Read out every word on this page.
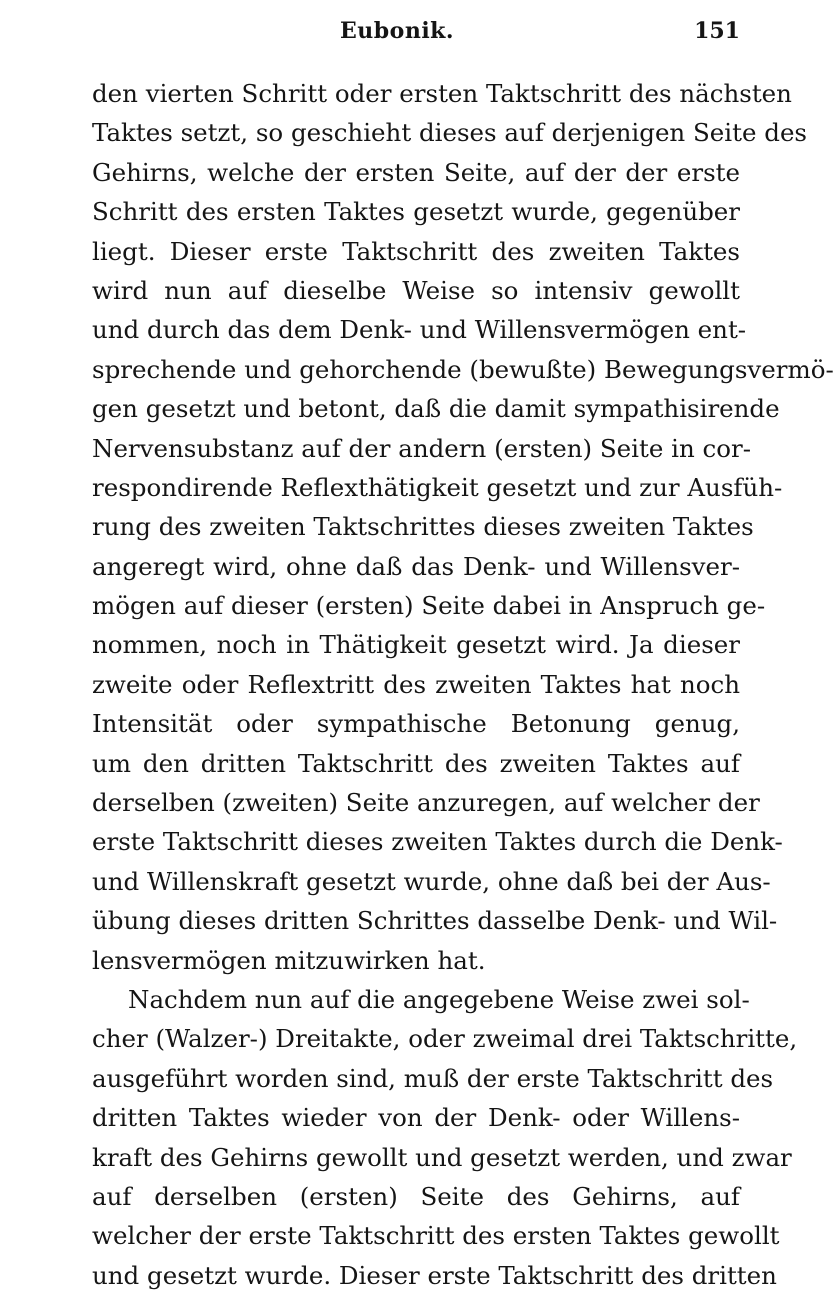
Eubonik.	151
den vierten Schritt oder ersten Taktschritt des nächsten
Taktes setzt, so geschieht dieses auf derjenigen Seite des
Gehirns, welche der ersten Seite, auf der der erste
Schritt des ersten Taktes gesetzt wurde, gegenüber
liegt. Dieser erste Taktschritt des zweiten Taktes
wird nun auf dieselbe Weise so intensiv gewollt
und durch das dem Denk- und Willensvermögen ent-
sprechende und gehorchende (bewußte) Bewegungsvermö-
gen gesetzt und betont, daß die damit sympathisirende
Nervensubstanz auf der andern (ersten) Seite in cor-
respondirende Reflexthätigkeit gesetzt und zur Ausfüh-
rung des zweiten Taktschrittes dieses zweiten Taktes
angeregt wird, ohne daß das Denk- und Willensver-
mögen auf dieser (ersten) Seite dabei in Anspruch ge-
nommen, noch in Thätigkeit gesetzt wird. Ja dieser
zweite oder Reflextritt des zweiten Taktes hat noch
Intensität oder sympathische Betonung genug,
um den dritten Taktschritt des zweiten Taktes auf
derselben (zweiten) Seite anzuregen, auf welcher der
erste Taktschritt dieses zweiten Taktes durch die Denk-
und Willenskraft gesetzt wurde, ohne daß bei der Aus-
übung dieses dritten Schrittes dasselbe Denk- und Wil-
lensvermögen mitzuwirken hat.
Nachdem nun auf die angegebene Weise zwei sol-
cher (Walzer-) Dreitakte, oder zweimal drei Taktschritte,
ausgeführt worden sind, muß der erste Taktschritt des
dritten Taktes wieder von der Denk- oder Willens-
kraft des Gehirns gewollt und gesetzt werden, und zwar
auf derselben (ersten) Seite des Gehirns, auf
welcher der erste Taktschritt des ersten Taktes gewollt
und gesetzt wurde. Dieser erste Taktschritt des dritten
